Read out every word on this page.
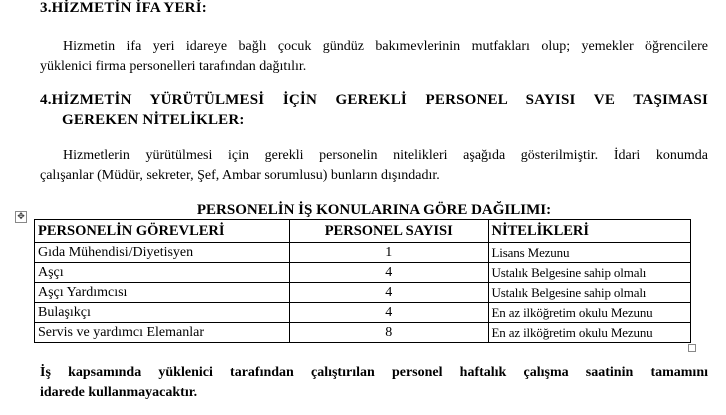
3.HİZMETİN İFA YERİ:
Hizmetin ifa yeri idareye bağlı çocuk gündüz bakımevlerinin mutfakları olup; yemekler öğrencilere
yüklenici firma personelleri tarafından dağıtılır.
4.HİZMETİN YÜRÜTÜLMESİ İÇİN GEREKLİ PERSONEL SAYISI VE TAŞIMASI
GEREKEN NİTELİKLER:
Hizmetlerin yürütülmesi için gerekli personelin nitelikleri aşağıda gösterilmiştir. İdari konumda
çalışanlar (Müdür, sekreter, Şef, Ambar sorumlusu) bunların dışındadır.
✥	PERSONELİN İŞ KONULARINA GÖRE DAĞILIMI:
PERSONELİN GÖREVLERİ	PERSONEL SAYISI	NİTELİKLERİ
Gıda Mühendisi/Diyetisyen	1	Lisans Mezunu
Aşçı	4	Ustalık Belgesine sahip olmalı
Aşçı Yardımcısı	4	Ustalık Belgesine sahip olmalı
Bulaşıkçı	4	En az ilköğretim okulu Mezunu
Servis ve yardımcı Elemanlar	8	En az ilköğretim okulu Mezunu
İş kapsamında yüklenici tarafından çalıştırılan personel haftalık çalışma saatinin tamamını
idarede kullanmayacaktır.
